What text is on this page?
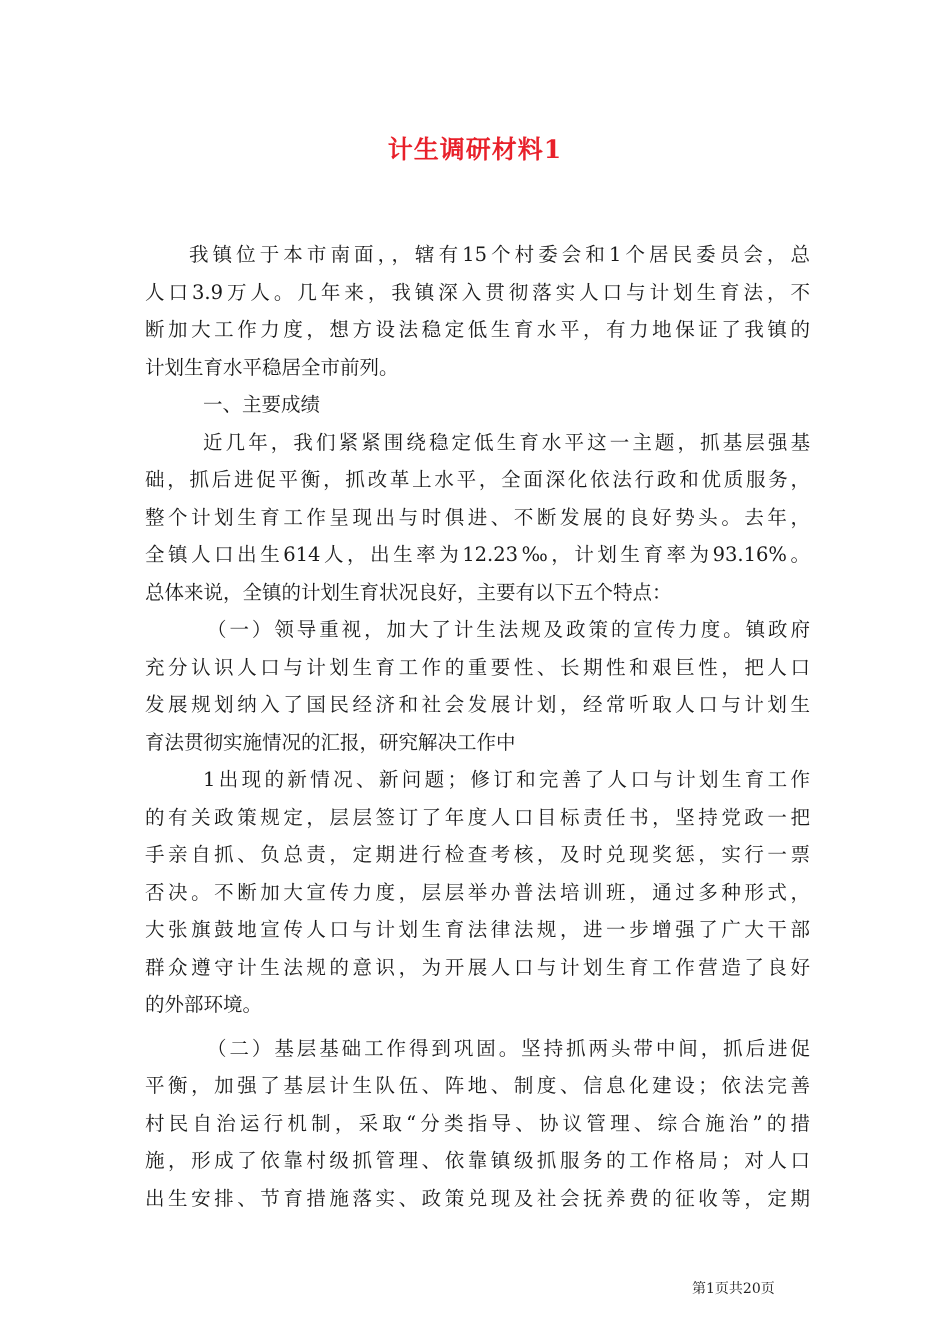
计生调研材料1
我镇位于本市南面，，辖有15个村委会和1个居民委员会，总
人口3.9万人。几年来，我镇深入贯彻落实人口与计划生育法，不
断加大工作力度，想方设法稳定低生育水平，有力地保证了我镇的
计划生育水平稳居全市前列。
一、主要成绩
近几年，我们紧紧围绕稳定低生育水平这一主题，抓基层强基
础，抓后进促平衡，抓改革上水平，全面深化依法行政和优质服务，
整个计划生育工作呈现出与时俱进、不断发展的良好势头。去年，
全镇人口出生614人，出生率为12.23‰，计划生育率为93.16%。
总体来说，全镇的计划生育状况良好，主要有以下五个特点：
（一）领导重视，加大了计生法规及政策的宣传力度。镇政府
充分认识人口与计划生育工作的重要性、长期性和艰巨性，把人口
发展规划纳入了国民经济和社会发展计划，经常听取人口与计划生
育法贯彻实施情况的汇报，研究解决工作中
1出现的新情况、新问题；修订和完善了人口与计划生育工作
的有关政策规定，层层签订了年度人口目标责任书，坚持党政一把
手亲自抓、负总责，定期进行检查考核，及时兑现奖惩，实行一票
否决。不断加大宣传力度，层层举办普法培训班，通过多种形式，
大张旗鼓地宣传人口与计划生育法律法规，进一步增强了广大干部
群众遵守计生法规的意识，为开展人口与计划生育工作营造了良好
的外部环境。
（二）基层基础工作得到巩固。坚持抓两头带中间，抓后进促
平衡，加强了基层计生队伍、阵地、制度、信息化建设；依法完善
村民自治运行机制，采取“分类指导、协议管理、综合施治”的措
施，形成了依靠村级抓管理、依靠镇级抓服务的工作格局；对人口
出生安排、节育措施落实、政策兑现及社会抚养费的征收等，定期
第1页共20页
